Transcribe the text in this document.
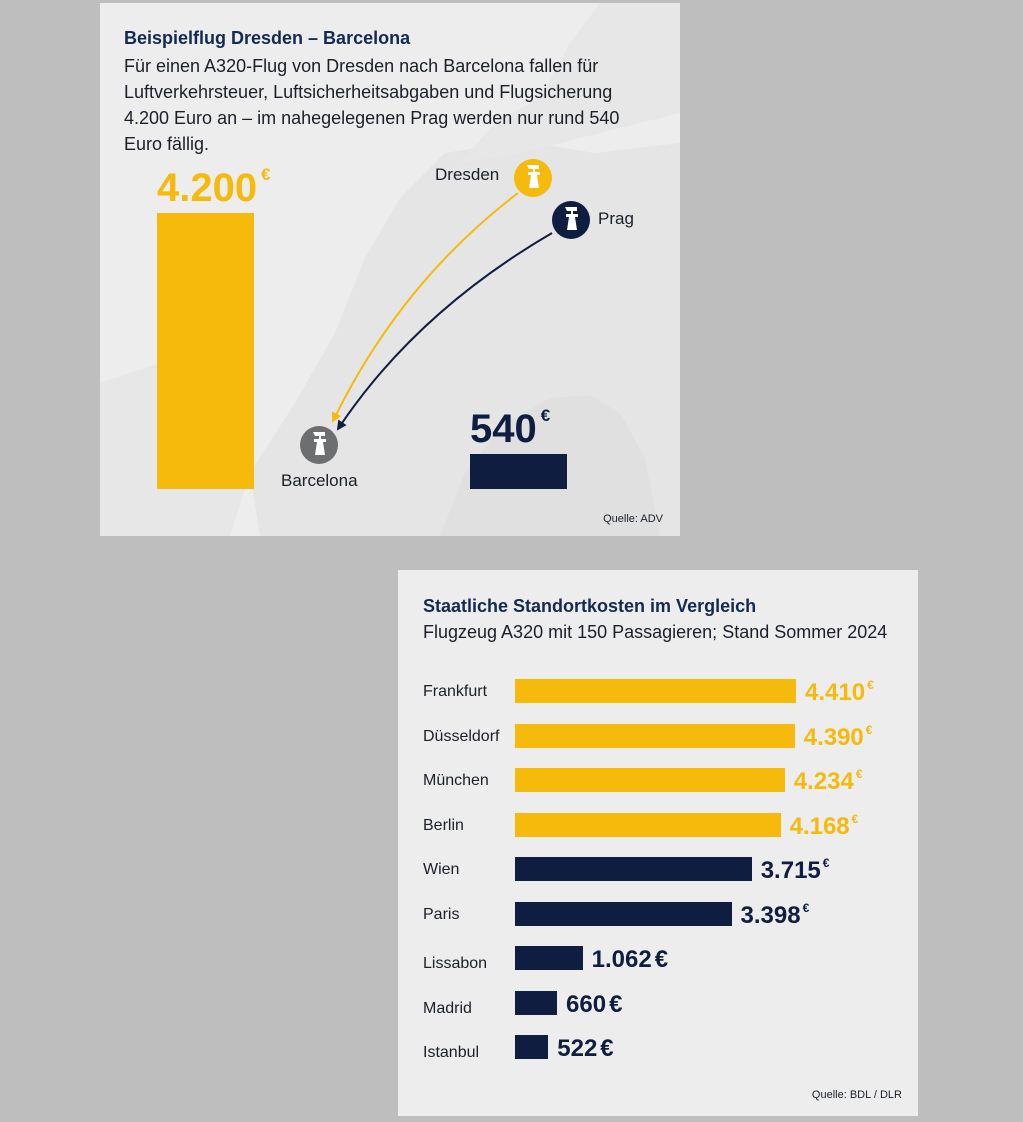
Beispielflug Dresden – Barcelona
Für einen A320-Flug von Dresden nach Barcelona fallen für Luftverkehrsteuer, Luftsicherheitsabgaben und Flugsicherung 4.200 Euro an – im nahegelegenen Prag werden nur rund 540 Euro fällig.
4.200 €
540 €
Dresden
Prag
Barcelona
Quelle: ADV
Staatliche Standortkosten im Vergleich
Flugzeug A320 mit 150 Passagieren; Stand Sommer 2024
Frankfurt	4.410 €
Düsseldorf	4.390 €
München	4.234 €
Berlin	4.168 €
Wien	3.715 €
Paris	3.398 €
Lissabon	1.062 €
Madrid	660 €
Istanbul	522 €
Quelle: BDL / DLR
